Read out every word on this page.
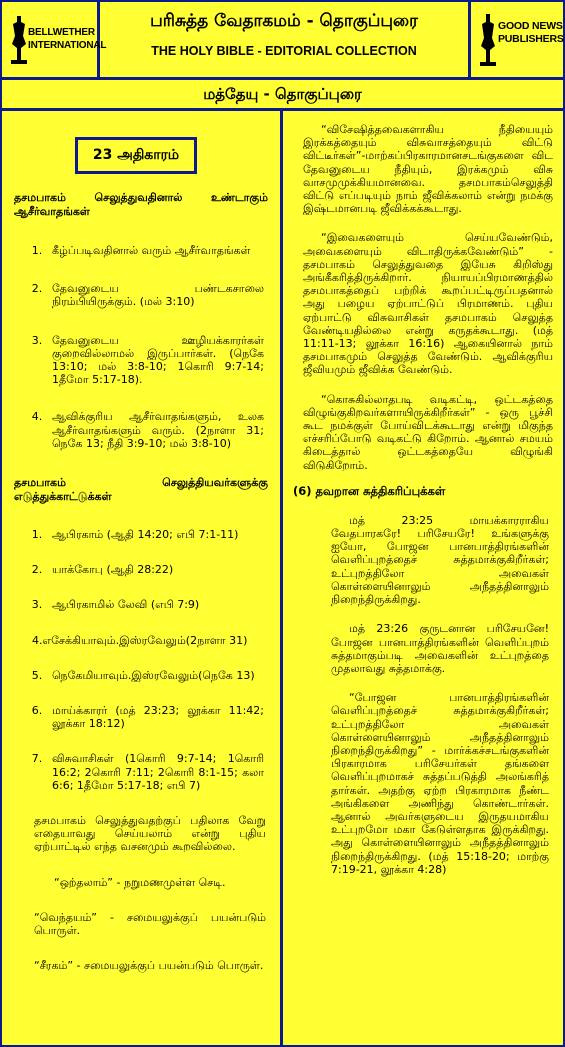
BELLWETHER
INTERNATIONAL
பரிசுத்த வேதாகமம் - தொகுப்புரை
THE HOLY BIBLE - EDITORIAL COLLECTION
GOOD NEWS
PUBLISHERS
மத்தேயு - தொகுப்புரை
23 அதிகாரம்
தசமபாகம் செலுத்துவதினால் உண்டாகும் ஆசீர்வாதங்கள்
1. கீழ்ப்படிவதினால் வரும் ஆசீர்வாதங்கள்
2. தேவனுடைய பண்டகசாலை நிரம்பியிருக்கும். (மல் 3:10)
3. தேவனுடைய ஊழியக்காரர்கள் குறைவில்லாமல் இருப்பார்கள். (நெகே 13:10; மல் 3:8-10; 1கொரி 9:7-14; 1தீமோ 5:17-18).
4. ஆவிக்குரிய ஆசீர்வாதங்களும், உலக ஆசீர்வாதங்களும் வரும். (2நாளா 31; நெகே 13; நீதி 3:9-10; மல் 3:8-10)
தசமபாகம் செலுத்தியவர்களுக்கு எடுத்துக்காட்டுக்கள்
1. ஆபிரகாம் (ஆதி 14:20; எபி 7:1-11)
2. யாக்கோபு (ஆதி 28:22)
3. ஆபிரகாமில் லேவி (எபி 7:9)
4.எசேக்கியாவும்.இஸ்ரவேலும்(2நாளா 31)
5. நெகேமியாவும்.இஸ்ரவேலும்(நெகே 13)
6. மாய்க்காரர் (மத் 23:23; லூக்கா 11:42; லூக்கா 18:12)
7. விசுவாசிகள் (1கொரி 9:7-14; 1கொரி 16:2; 2கொரி 7:11; 2கொரி 8:1-15; கலா 6:6; 1தீமோ 5:17-18; எபி 7)
தசமபாகம் செலுத்துவதற்குப் பதிலாக வேறு எதையாவது செய்யலாம் என்று புதிய ஏற்பாட்டில் எந்த வசனமும் கூறவில்லை.
“ஒற்தலாம்” - நறுமணமுள்ள செடி.
“வெந்தயம்” - சமையலுக்குப் பயன்படும் பொருள்.
“சீரகம்” - சமையலுக்குப் பயன்படும் பொருள்.
“விசேஷித்தவைகளாகிய நீதியையும் இரக்கத்தையும் விசுவாசத்தையும் விட்டு விட்டீர்கள்”-மாற்கப்பிரகாரமானசடங்குகளை விட தேவனுடைய நீதியும், இரக்கமும் விசு வாசமுமுக்கியமானவை. தசமபாகம்செலுத்தி விட்டு எப்படியும் நாம் ஜீவிக்கலாம் என்று நமக்கு இஷ்டமானபடி ஜீவிக்கக்கூடாது.
“இவைகளையும் செய்யவேண்டும், அவைகளையும் விடாதிருக்கவேண்டும்” - தசமபாகம் செலுத்துவதை இயேசு கிறிஸ்து அங்கீகரித்திருக்கிறார். நியாயப்பிரமாணத்தில் தசமபாகத்தைப் பற்றிக் கூறப்பட்டிருப்பதனால் அது பழைய ஏற்பாட்டுப் பிரமாணம். புதிய ஏற்பாட்டு விசுவாசிகள் தசமபாகம் செலுத்த வேண்டியதில்லை என்று கருதக்கூடாது. (மத் 11:11-13; லூக்கா 16:16) ஆகையினால் நாம் தசமபாகமும் செலுத்த வேண்டும். ஆவிக்குரிய ஜீவியமும் ஜீவிக்க வேண்டும்.
“கொசுகில்லாதபடி வடிகட்டி, ஒட்டகத்தை விழுங்குகிறவர்களாயிருக்கிறீர்கள்” - ஒரு பூச்சி கூட நமக்குள் போய்விடக்கூடாது என்று மிகுந்த எச்சரிப்போடு வடிகட்டு கிறோம். ஆனால் சமயம் கிடைத்தால் ஒட்டகத்தையே விழுங்கி விடுகிறோம்.
(6) தவறான சுத்திகரிப்புக்கள்
மத் 23:25 மாயக்காரராகிய வேதபாரகரே! பரிசேயரே! உங்களுக்கு ஐயோ, போஜன பானபாத்திரங்களின் வெளிப்புறத்தைச் சுத்தமாக்குகிறீர்கள்; உட்புறத்திலோ அவைகள் கொள்ளையினாலும் அநீதத்தினாலும் நிறைந்திருக்கிறது.
மத் 23:26 குருடனான பரிசேயனே! போஜன பானபாத்திரங்களின் வெளிப்புறம் சுத்தமாகும்படி அவைகளின் உட்புறத்தை முதலாவது சுத்தமாக்கு.
“போஜன பானபாத்திரங்களின் வெளிப்புறத்தைச் சுத்தமாக்குகிறீர்கள்; உட்புறத்திலோ அவைகள் கொள்ளையினாலும் அநீதத்தினாலும் நிறைந்திருக்கிறது” - மார்க்கச்சடங்குகளின் பிரகாரமாக பரிசேயர்கள் தங்களை வெளிப்புறமாகச் சுத்தப்படுத்தி அலங்கரித் தார்கள். அதற்கு ஏற்ற பிரகாரமாக நீண்ட அங்கிகளை அணிந்து கொண்டார்கள். ஆனால் அவர்களுடைய இருதயமாகிய உட்புறமோ மகா கேடுள்ளதாக இருக்கிறது. அது கொள்ளையினாலும் அநீதத்தினாலும் நிறைந்திருக்கிறது. (மத் 15:18-20; மாற்கு 7:19-21, லூக்கா 4:28)
